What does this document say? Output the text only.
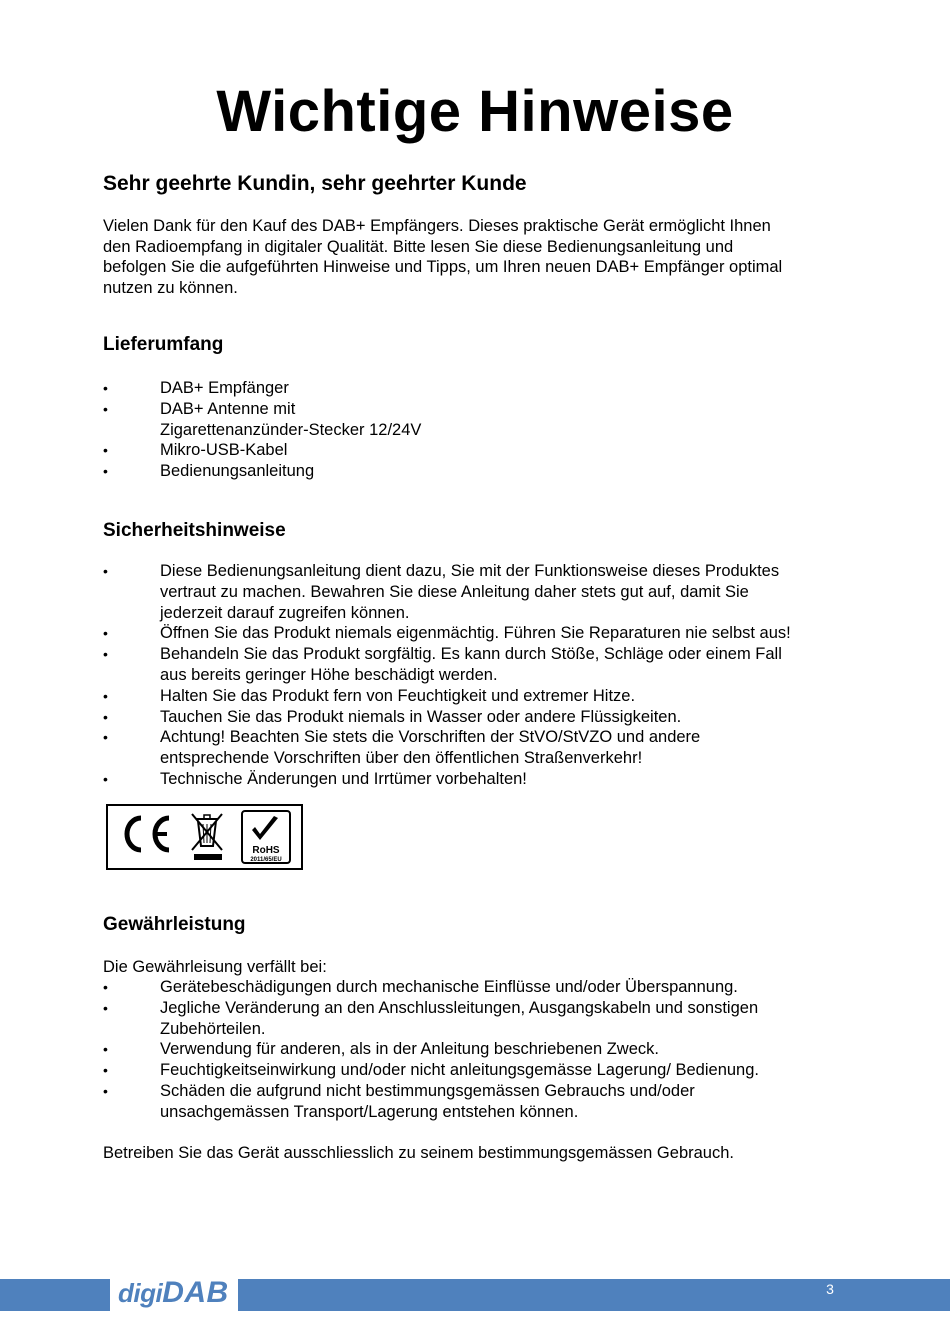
Wichtige Hinweise
Sehr geehrte Kundin, sehr geehrter Kunde
Vielen Dank für den Kauf des DAB+ Empfängers. Dieses praktische Gerät ermöglicht Ihnen
den Radioempfang in digitaler Qualität. Bitte lesen Sie diese Bedienungsanleitung und
befolgen Sie die aufgeführten Hinweise und Tipps, um Ihren neuen DAB+ Empfänger optimal
nutzen zu können.
Lieferumfang
•	DAB+ Empfänger
•	DAB+ Antenne mit
Zigarettenanzünder-Stecker 12/24V
•	Mikro-USB-Kabel
•	Bedienungsanleitung
Sicherheitshinweise
•	Diese Bedienungsanleitung dient dazu, Sie mit der Funktionsweise dieses Produktes
vertraut zu machen. Bewahren Sie diese Anleitung daher stets gut auf, damit Sie
jederzeit darauf zugreifen können.
•	Öffnen Sie das Produkt niemals eigenmächtig. Führen Sie Reparaturen nie selbst aus!
•	Behandeln Sie das Produkt sorgfältig. Es kann durch Stöße, Schläge oder einem Fall
aus bereits geringer Höhe beschädigt werden.
•	Halten Sie das Produkt fern von Feuchtigkeit und extremer Hitze.
•	Tauchen Sie das Produkt niemals in Wasser oder andere Flüssigkeiten.
•	Achtung! Beachten Sie stets die Vorschriften der StVO/StVZO und andere
entsprechende Vorschriften über den öffentlichen Straßenverkehr!
•	Technische Änderungen und Irrtümer vorbehalten!
RoHS
2011/65/EU
Gewährleistung
Die Gewährleisung verfällt bei:
•	Gerätebeschädigungen durch mechanische Einflüsse und/oder Überspannung.
•	Jegliche Veränderung an den Anschlussleitungen, Ausgangskabeln und sonstigen
Zubehörteilen.
•	Verwendung für anderen, als in der Anleitung beschriebenen Zweck.
•	Feuchtigkeitseinwirkung und/oder nicht anleitungsgemässe Lagerung/ Bedienung.
•	Schäden die aufgrund nicht bestimmungsgemässen Gebrauchs und/oder
unsachgemässen Transport/Lagerung entstehen können.
Betreiben Sie das Gerät ausschliesslich zu seinem bestimmungsgemässen Gebrauch.
digiDAB	3
